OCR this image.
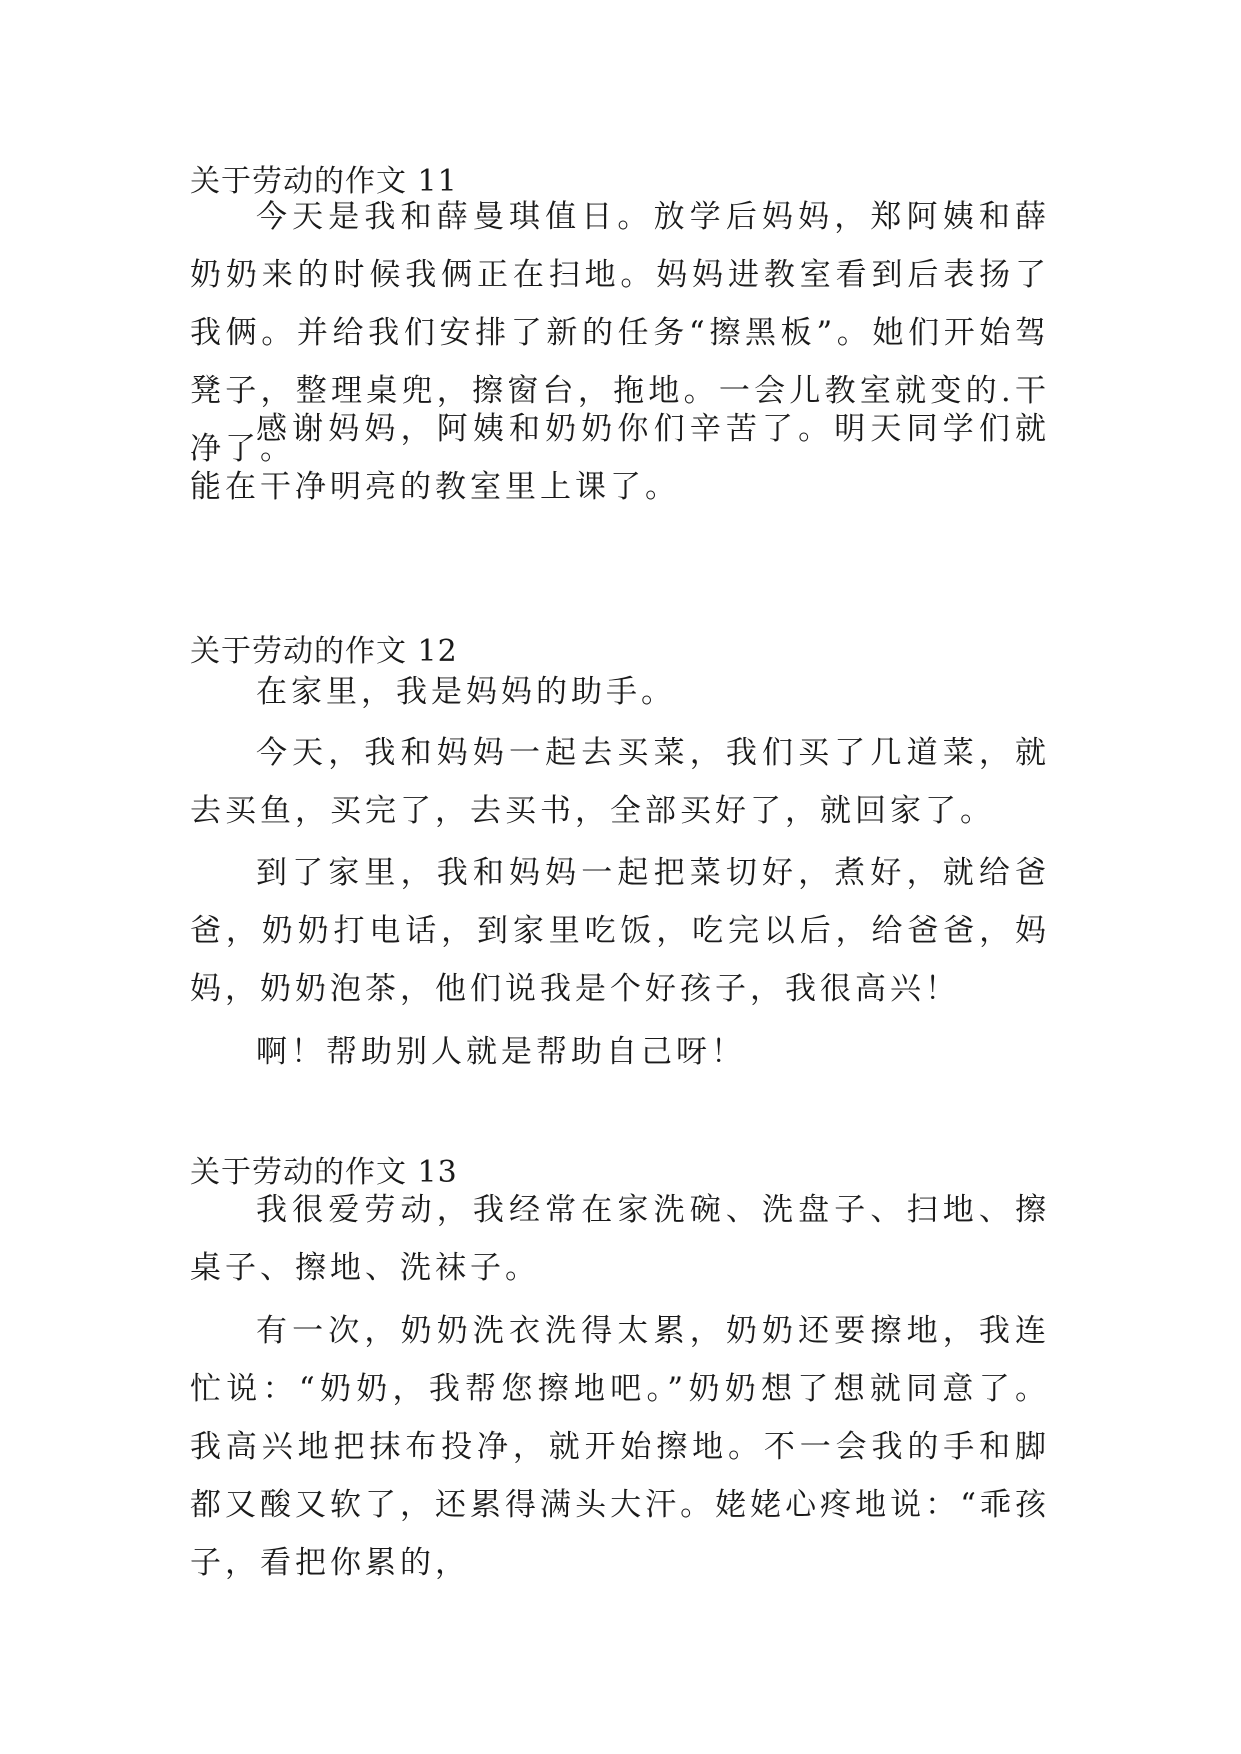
关于劳动的作文 11

今天是我和薛曼琪值日。放学后妈妈，郑阿姨和薛奶奶来的时候我俩正在扫地。妈妈进教室看到后表扬了我俩。并给我们安排了新的任务“擦黑板”。她们开始驾凳子，整理桌兜，擦窗台，拖地。一会儿教室就变的.干净了。

感谢妈妈，阿姨和奶奶你们辛苦了。明天同学们就能在干净明亮的教室里上课了。

关于劳动的作文 12

在家里，我是妈妈的助手。

今天，我和妈妈一起去买菜，我们买了几道菜，就去买鱼，买完了，去买书，全部买好了，就回家了。

到了家里，我和妈妈一起把菜切好，煮好，就给爸爸，奶奶打电话，到家里吃饭，吃完以后，给爸爸，妈妈，奶奶泡茶，他们说我是个好孩子，我很高兴！

啊！帮助别人就是帮助自己呀！

关于劳动的作文 13

我很爱劳动，我经常在家洗碗、洗盘子、扫地、擦桌子、擦地、洗袜子。

有一次，奶奶洗衣洗得太累，奶奶还要擦地，我连忙说：“奶奶，我帮您擦地吧。”奶奶想了想就同意了。我高兴地把抹布投净，就开始擦地。不一会我的手和脚都又酸又软了，还累得满头大汗。姥姥心疼地说：“乖孩子，看把你累的，
